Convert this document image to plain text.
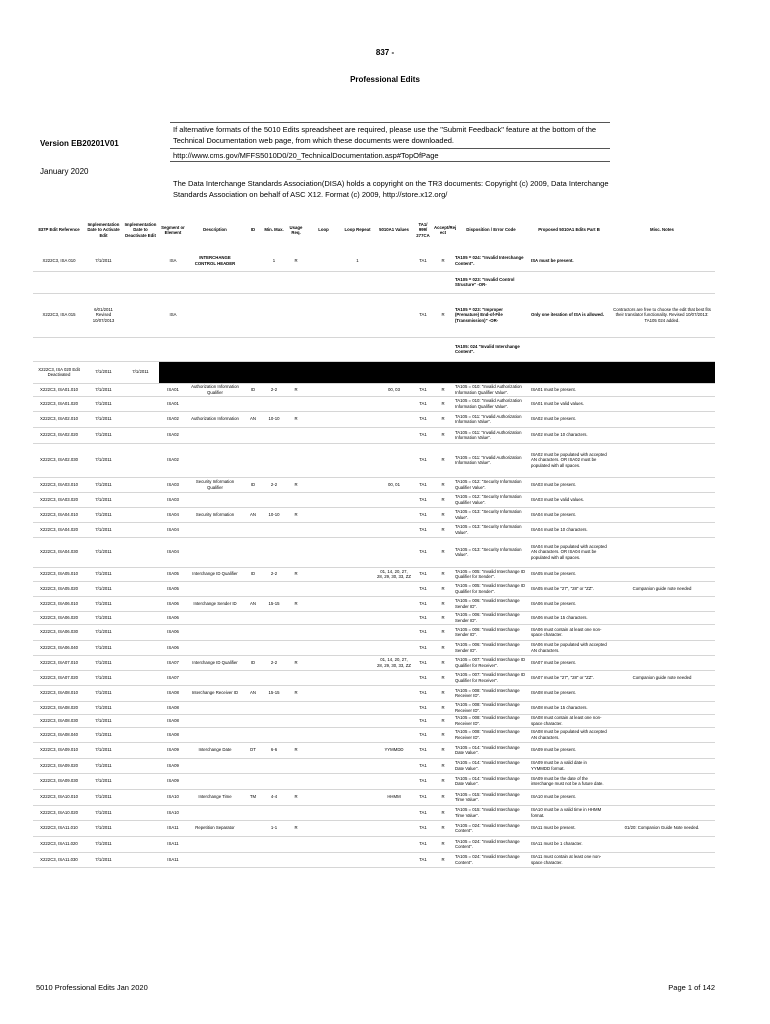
837 -
Professional Edits
Version EB20201V01
January 2020
If alternative formats of the 5010 Edits spreadsheet are required, please use the "Submit Feedback" feature at the bottom of the Technical Documentation web page, from which these documents were downloaded.
http://www.cms.gov/MFFS5010D0/20_TechnicalDocumentation.asp#TopOfPage
The Data Interchange Standards Association(DISA) holds a copyright on the TR3 documents: Copyright (c) 2009, Data Interchange Standards Association on behalf of ASC X12. Format (c) 2009, http://store.x12.org/
837P Edit Reference	Implementation Date to Activate Edit	Implementation Date to Deactivate Edit	Segment or Element	Description	ID	Min. Max.	Usage Req.	Loop	Loop Repeat	5010A1 Values	TA1/ 999/ 277CA	Accept/Rej ect	Disposition / Error Code	Proposed 5010A1 Edits Part B	Misc. Notes
X222C3, ISA 010	7/1/2011		ISA	INTERCHANGE CONTROL HEADER		1	R		1		TA1	R	TA105 = 024: "Invalid Interchange Content".	ISA must be present.	
													TA105 = 023: "Invalid Control Structure" -OR-		
X222C3, ISA 015	6/01/2011 Revised 10/07/2013		ISA								TA1	R	TA105 = 023: "Improper (Premature) End-of-File (Transmission)" -OR-	Only one iteration of ISA is allowed.	Contractors are free to choose the edit that best fits their translator functionality. Revised 10/07/2013: TA105 024 added.
													TA105: 024 "Invalid Interchange Content".		
X222C3, ISA 020 Edit Deactivated	7/1/2011	7/1/2011													
X222C3, ISA01.010	7/1/2011		ISA01	Authorization Information Qualifier	ID	2-2	R			00, 03	TA1	R	TA105 = 010: "Invalid Authorization Information Qualifier Value".	ISA01 must be present.	
X222C3, ISA01.020	7/1/2011		ISA01								TA1	R	TA105 = 010: "Invalid Authorization Information Qualifier Value".	ISA01 must be valid values.	
X222C3, ISA02.010	7/1/2011		ISA02	Authorization Information	AN	10-10	R				TA1	R	TA105 = 011: "Invalid Authorization Information Value".	ISA02 must be present.	
X222C3, ISA02.020	7/1/2011		ISA02								TA1	R	TA105 = 011: "Invalid Authorization Information Value".	ISA02 must be 10 characters.	
X222C3, ISA02.030	7/1/2011		ISA02								TA1	R	TA105 = 011: "Invalid Authorization Information Value".	ISA02 must be populated with accepted AN characters. OR ISA02 must be populated with all spaces.	
X222C3, ISA03.010	7/1/2011		ISA03	Security Information Qualifier	ID	2-2	R			00, 01	TA1	R	TA105 = 012: "Security Information Qualifier Value".	ISA03 must be present.	
X222C3, ISA03.020	7/1/2011		ISA03								TA1	R	TA105 = 012: "Security Information Qualifier Value".	ISA03 must be valid values.	
X222C3, ISA04.010	7/1/2011		ISA04	Security Information	AN	10-10	R				TA1	R	TA105 = 013: "Security Information Value".	ISA04 must be present.	
X222C3, ISA04.020	7/1/2011		ISA04								TA1	R	TA105 = 013: "Security Information Value".	ISA04 must be 10 characters.	
X222C3, ISA04.030	7/1/2011		ISA04								TA1	R	TA105 = 013: "Security Information Value".	ISA04 must be populated with accepted AN characters. OR ISA04 must be populated with all spaces.	
X222C3, ISA05.010	7/1/2011		ISA05	Interchange ID Qualifier	ID	2-2	R			01, 14, 20, 27, 28, 29, 30, 33, ZZ	TA1	R	TA105 = 005: "Invalid Interchange ID Qualifier for Sender".	ISA05 must be present.	
X222C3, ISA05.020	7/1/2011		ISA05								TA1	R	TA105 = 005: "Invalid Interchange ID Qualifier for Sender".	ISA05 must be "27", "28" or "ZZ".	Companion guide note needed
X222C3, ISA06.010	7/1/2011		ISA06	Interchange Sender ID	AN	15-15	R				TA1	R	TA105 = 006: "Invalid Interchange Sender ID".	ISA06 must be present.	
X222C3, ISA06.020	7/1/2011		ISA06								TA1	R	TA105 = 006: "Invalid Interchange Sender ID".	ISA06 must be 15 characters.	
X222C3, ISA06.030	7/1/2011		ISA06								TA1	R	TA105 = 006: "Invalid Interchange Sender ID".	ISA06 must contain at least one non-space character.	
X222C3, ISA06.040	7/1/2011		ISA06								TA1	R	TA105 = 006: "Invalid Interchange Sender ID".	ISA06 must be populated with accepted AN characters.	
X222C3, ISA07.010	7/1/2011		ISA07	Interchange ID Qualifier	ID	2-2	R			01, 14, 20, 27, 28, 29, 30, 33, ZZ	TA1	R	TA105 = 007: "Invalid Interchange ID Qualifier for Receiver".	ISA07 must be present.	
X222C3, ISA07.020	7/1/2011		ISA07								TA1	R	TA105 = 007: "Invalid Interchange ID Qualifier for Receiver".	ISA07 must be "27", "28" or "ZZ".	Companion guide note needed
X222C3, ISA08.010	7/1/2011		ISA08	Interchange Receiver ID	AN	15-15	R				TA1	R	TA105 = 008: "Invalid Interchange Receiver ID".	ISA08 must be present.	
X222C3, ISA08.020	7/1/2011		ISA08								TA1	R	TA105 = 008: "Invalid Interchange Receiver ID".	ISA08 must be 15 characters.	
X222C3, ISA08.030	7/1/2011		ISA08								TA1	R	TA105 = 008: "Invalid Interchange Receiver ID".	ISA08 must contain at least one non-space character.	
X222C3, ISA08.040	7/1/2011		ISA08								TA1	R	TA105 = 008: "Invalid Interchange Receiver ID".	ISA08 must be populated with accepted AN characters.	
X222C3, ISA09.010	7/1/2011		ISA09	Interchange Date	DT	6-6	R			YYMMDD	TA1	R	TA105 = 014: "Invalid Interchange Date Value".	ISA09 must be present.	
X222C3, ISA09.020	7/1/2011		ISA09								TA1	R	TA105 = 014: "Invalid Interchange Date Value".	ISA09 must be a valid date in YYMMDD format.	
X222C3, ISA09.030	7/1/2011		ISA09								TA1	R	TA105 = 014: "Invalid Interchange Date Value".	ISA09 must be the date of the interchange must not be a future date.	
X222C3, ISA10.010	7/1/2011		ISA10	Interchange Time	TM	4-4	R			HHMM	TA1	R	TA105 = 015: "Invalid Interchange Time Value".	ISA10 must be present.	
X222C3, ISA10.020	7/1/2011		ISA10								TA1	R	TA105 = 015: "Invalid Interchange Time Value".	ISA10 must be a valid time in HHMM format.	
X222C3, ISA11.010	7/1/2011		ISA11	Repetition Separator		1-1	R				TA1	R	TA105 = 024: "Invalid Interchange Content".	ISA11 must be present.	01/20: Companion Guide Note needed.
X222C3, ISA11.020	7/1/2011		ISA11								TA1	R	TA105 = 024: "Invalid Interchange Content".	ISA11 must be 1 character.	
X222C3, ISA11.030	7/1/2011		ISA11								TA1	R	TA105 = 024: "Invalid Interchange Content".	ISA11 must contain at least one non-space character.	
5010 Professional Edits Jan 2020	Page 1 of 142
